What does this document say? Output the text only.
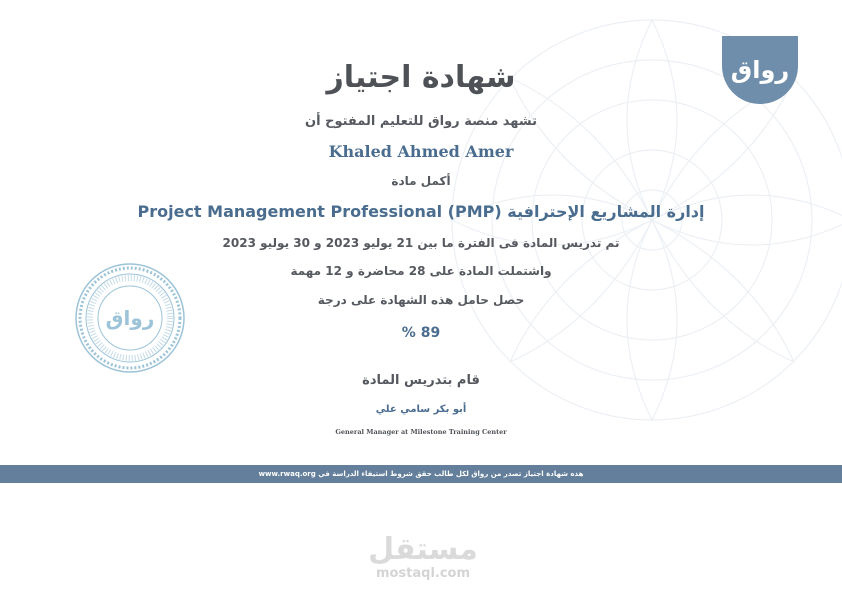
رواق
رواق
شهادة اجتياز
تشهد منصة رواق للتعليم المفتوح أن
Khaled Ahmed Amer
أكمل مادة
إدارة المشاريع الإحترافية (PMP) Project Management Professional
تم تدريس المادة فى الفترة ما بين 21 يوليو 2023 و 30 يوليو 2023
واشتملت المادة على 28 محاضرة و 12 مهمة
حصل حامل هذه الشهادة على درجة
89 %
قام بتدريس المادة
أبو بكر سامي علي
General Manager at Milestone Training Center
هذه شهادة اجتياز تصدر من رواق لكل طالب حقق شروط استيفاء الدراسة في www.rwaq.org
مستقل
mostaql.com
